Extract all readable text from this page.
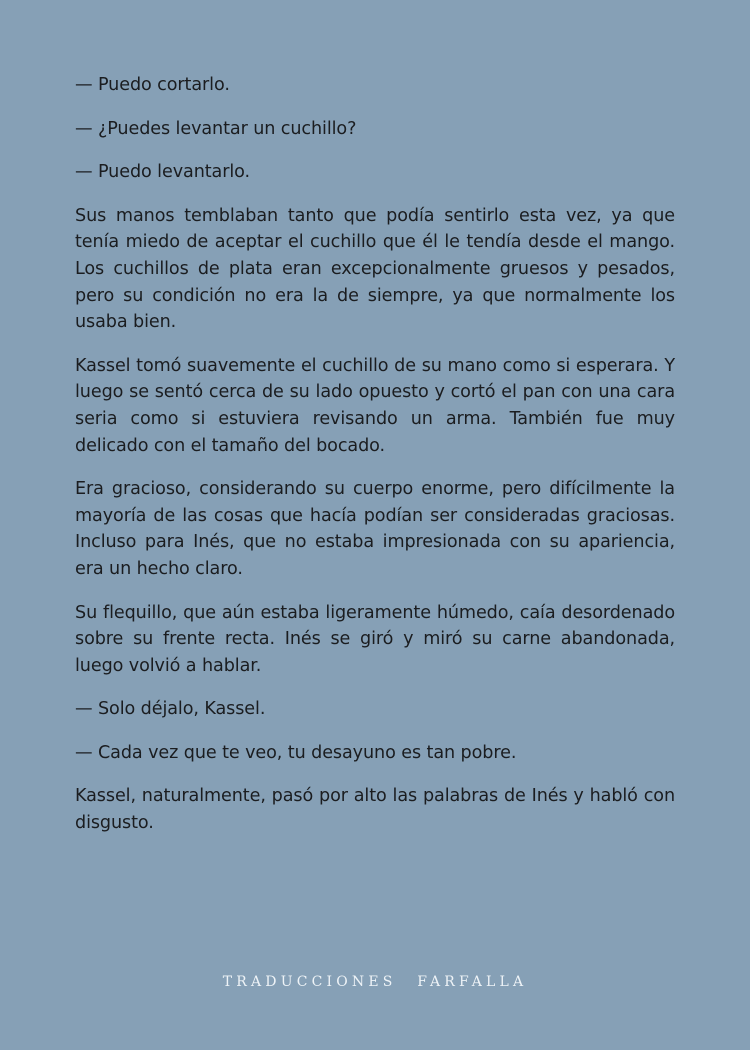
— Puedo cortarlo.

— ¿Puedes levantar un cuchillo?

— Puedo levantarlo.

Sus manos temblaban tanto que podía sentirlo esta vez, ya que tenía miedo de aceptar el cuchillo que él le tendía desde el mango. Los cuchillos de plata eran excepcionalmente gruesos y pesados, pero su condición no era la de siempre, ya que normalmente los usaba bien.

Kassel tomó suavemente el cuchillo de su mano como si esperara. Y luego se sentó cerca de su lado opuesto y cortó el pan con una cara seria como si estuviera revisando un arma. También fue muy delicado con el tamaño del bocado.

Era gracioso, considerando su cuerpo enorme, pero difícilmente la mayoría de las cosas que hacía podían ser consideradas graciosas. Incluso para Inés, que no estaba impresionada con su apariencia, era un hecho claro.

Su flequillo, que aún estaba ligeramente húmedo, caía desordenado sobre su frente recta. Inés se giró y miró su carne abandonada, luego volvió a hablar.

— Solo déjalo, Kassel.

— Cada vez que te veo, tu desayuno es tan pobre.

Kassel, naturalmente, pasó por alto las palabras de Inés y habló con disgusto.

TRADUCCIONES FARFALLA
